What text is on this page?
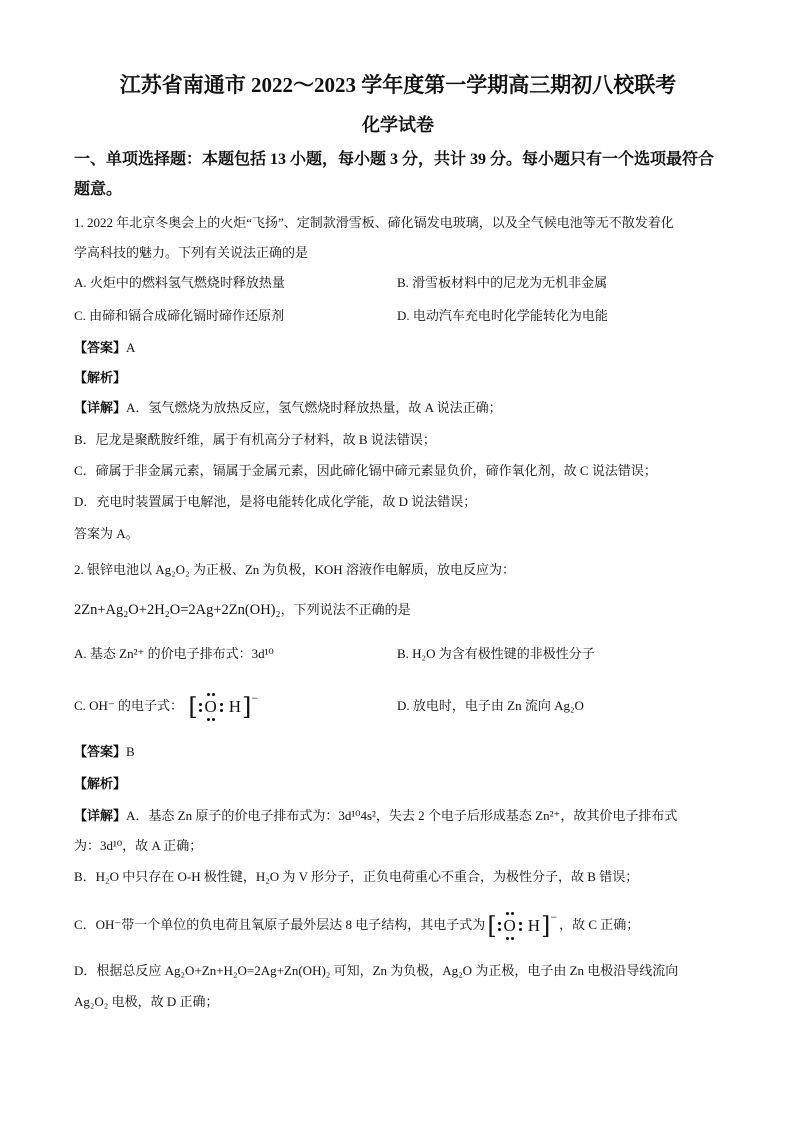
江苏省南通市 2022～2023 学年度第一学期高三期初八校联考
化学试卷
一、单项选择题：本题包括 13 小题，每小题 3 分，共计 39 分。每小题只有一个选项最符合
题意。
1. 2022 年北京冬奥会上的火炬“飞扬”、定制款滑雪板、碲化镉发电玻璃，以及全气候电池等无不散发着化
学高科技的魅力。下列有关说法正确的是
A. 火炬中的燃料氢气燃烧时释放热量	B. 滑雪板材料中的尼龙为无机非金属
C. 由碲和镉合成碲化镉时碲作还原剂	D. 电动汽车充电时化学能转化为电能
【答案】A
【解析】
【详解】A．氢气燃烧为放热反应，氢气燃烧时释放热量，故 A 说法正确；
B．尼龙是聚酰胺纤维，属于有机高分子材料，故 B 说法错误；
C．碲属于非金属元素，镉属于金属元素，因此碲化镉中碲元素显负价，碲作氧化剂，故 C 说法错误；
D．充电时装置属于电解池，是将电能转化成化学能，故 D 说法错误；
答案为 A。
2. 银锌电池以 Ag₂O₂ 为正极、Zn 为负极，KOH 溶液作电解质，放电反应为：
2Zn+Ag₂O+2H₂O=2Ag+2Zn(OH)₂，下列说法不正确的是
A. 基态 Zn²⁺ 的价电子排布式：3d¹⁰	B. H₂O 为含有极性键的非极性分子
C. OH⁻ 的电子式： [ O H]−	D. 放电时，电子由 Zn 流向 Ag₂O
【答案】B
【解析】
【详解】A．基态 Zn 原子的价电子排布式为：3d¹⁰4s²，失去 2 个电子后形成基态 Zn²⁺，故其价电子排布式
为：3d¹⁰，故 A 正确；
B．H₂O 中只存在 O-H 极性键，H₂O 为 V 形分子，正负电荷重心不重合，为极性分子，故 B 错误；
C．OH⁻带一个单位的负电荷且氧原子最外层达 8 电子结构，其电子式为[ O H]− ，故 C 正确；
D．根据总反应 Ag₂O+Zn+H₂O=2Ag+Zn(OH)₂ 可知，Zn 为负极，Ag₂O 为正极，电子由 Zn 电极沿导线流向
Ag₂O₂ 电极，故 D 正确；
